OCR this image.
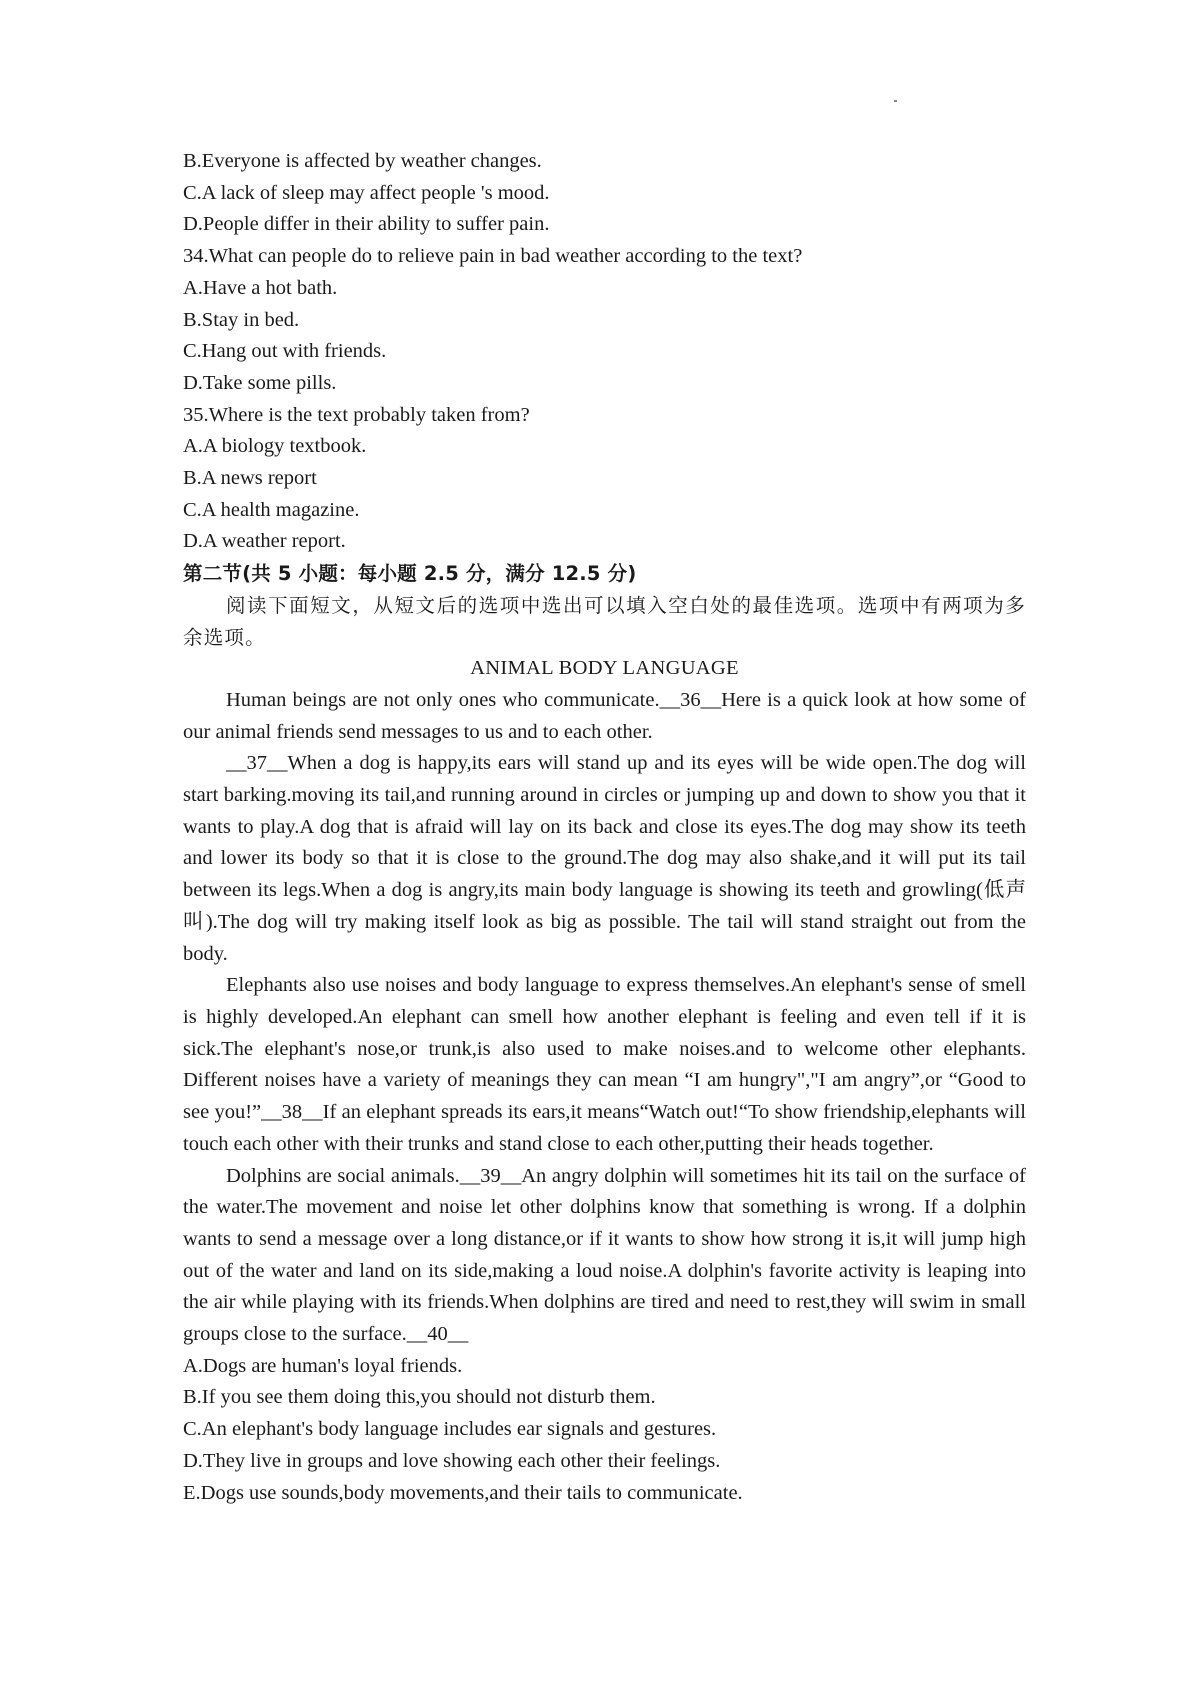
B.Everyone is affected by weather changes.

C.A lack of sleep may affect people 's mood.

D.People differ in their ability to suffer pain.

34.What can people do to relieve pain in bad weather according to the text?

A.Have a hot bath.

B.Stay in bed.

C.Hang out with friends.

D.Take some pills.

35.Where is the text probably taken from?

A.A biology textbook.

B.A news report

C.A health magazine.

D.A weather report.

第二节(共 5 小题：每小题 2.5 分，满分 12.5 分)

阅读下面短文，从短文后的选项中选出可以填入空白处的最佳选项。选项中有两项为多余选项。

ANIMAL BODY LANGUAGE

Human beings are not only ones who communicate.__36__Here is a quick look at how some of our animal friends send messages to us and to each other.

__37__When a dog is happy,its ears will stand up and its eyes will be wide open.The dog will start barking.moving its tail,and running around in circles or jumping up and down to show you that it wants to play.A dog that is afraid will lay on its back and close its eyes.The dog may show its teeth and lower its body so that it is close to the ground.The dog may also shake,and it will put its tail between its legs.When a dog is angry,its main body language is showing its teeth and growling(低声叫).The dog will try making itself look as big as possible. The tail will stand straight out from the body.

Elephants also use noises and body language to express themselves.An elephant's sense of smell is highly developed.An elephant can smell how another elephant is feeling and even tell if it is sick.The elephant's nose,or trunk,is also used to make noises.and to welcome other elephants. Different noises have a variety of meanings they can mean “I am hungry","I am angry”,or “Good to see you!”__38__If an elephant spreads its ears,it means“Watch out!“To show friendship,elephants will touch each other with their trunks and stand close to each other,putting their heads together.

Dolphins are social animals.__39__An angry dolphin will sometimes hit its tail on the surface of the water.The movement and noise let other dolphins know that something is wrong. If a dolphin wants to send a message over a long distance,or if it wants to show how strong it is,it will jump high out of the water and land on its side,making a loud noise.A dolphin's favorite activity is leaping into the air while playing with its friends.When dolphins are tired and need to rest,they will swim in small groups close to the surface.__40__

A.Dogs are human's loyal friends.

B.If you see them doing this,you should not disturb them.

C.An elephant's body language includes ear signals and gestures.

D.They live in groups and love showing each other their feelings.

E.Dogs use sounds,body movements,and their tails to communicate.
